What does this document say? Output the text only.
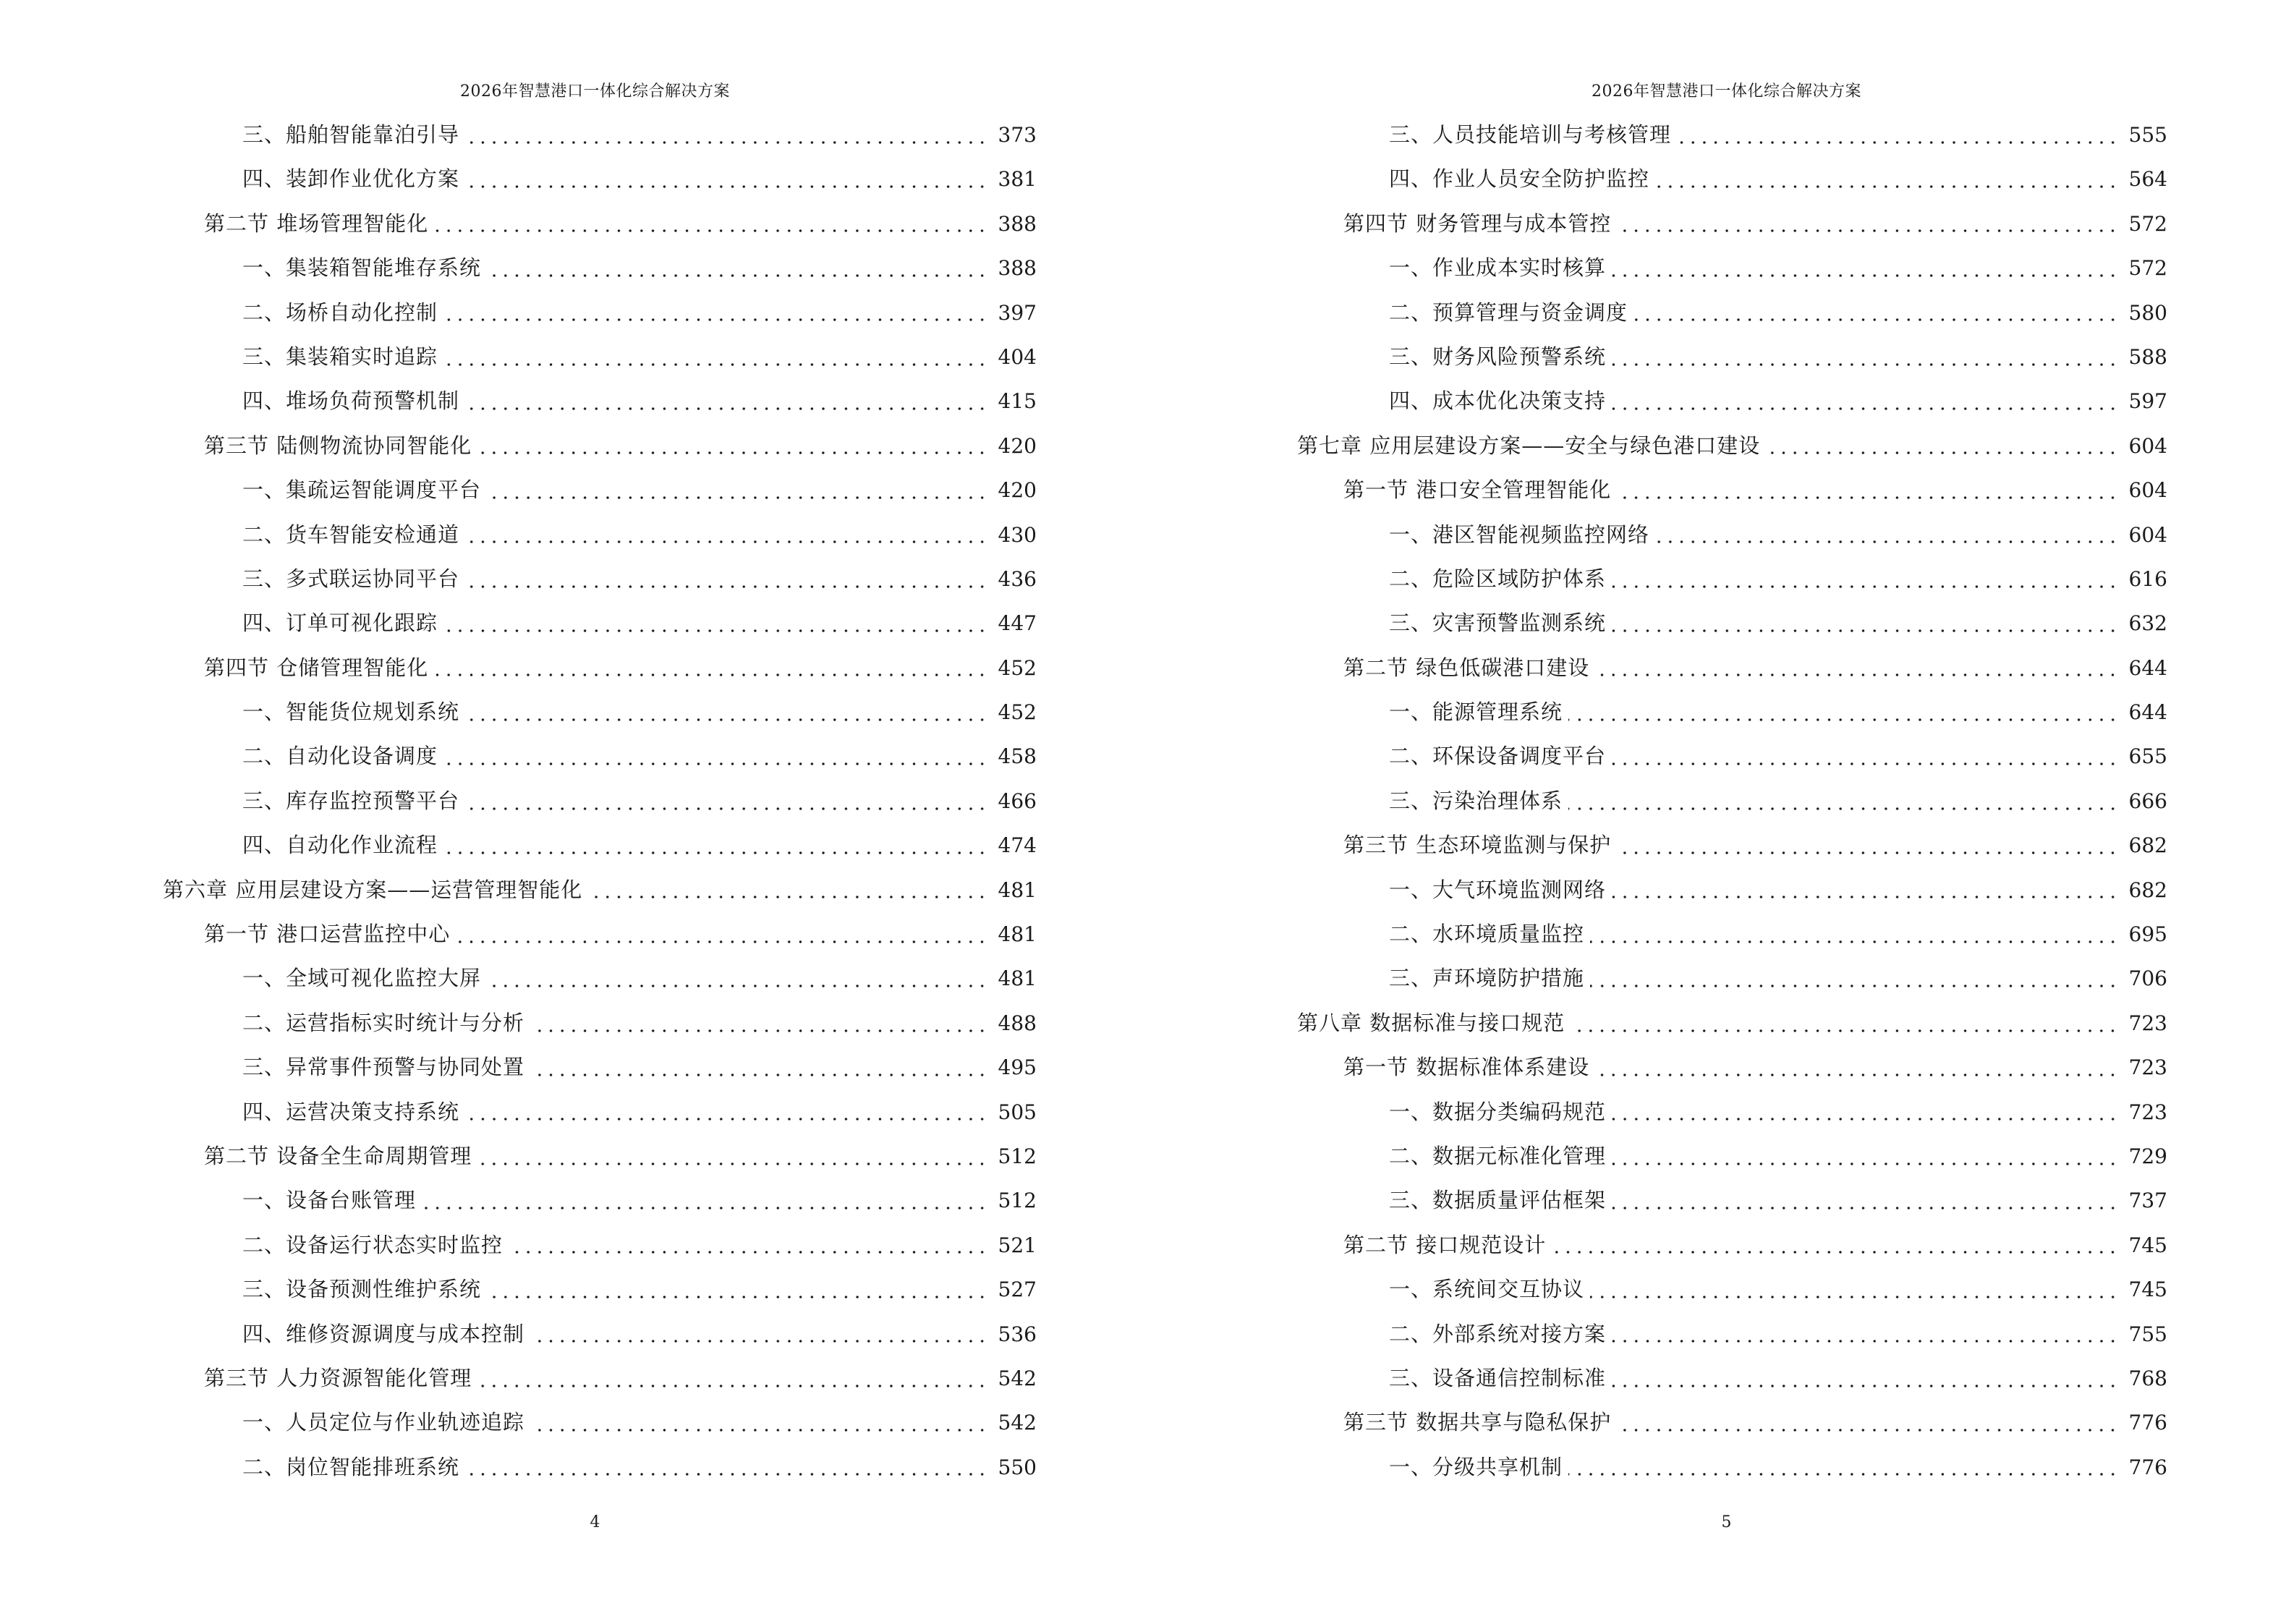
2026年智慧港口一体化综合解决方案
三、船舶智能靠泊引导	373
四、装卸作业优化方案	381
第二节 堆场管理智能化	388
一、集装箱智能堆存系统	388
二、场桥自动化控制	397
三、集装箱实时追踪	404
四、堆场负荷预警机制	415
第三节 陆侧物流协同智能化	420
一、集疏运智能调度平台	420
二、货车智能安检通道	430
三、多式联运协同平台	436
四、订单可视化跟踪	447
第四节 仓储管理智能化	452
一、智能货位规划系统	452
二、自动化设备调度	458
三、库存监控预警平台	466
四、自动化作业流程	474
第六章 应用层建设方案——运营管理智能化	481
第一节 港口运营监控中心	481
一、全域可视化监控大屏	481
二、运营指标实时统计与分析	488
三、异常事件预警与协同处置	495
四、运营决策支持系统	505
第二节 设备全生命周期管理	512
一、设备台账管理	512
二、设备运行状态实时监控	521
三、设备预测性维护系统	527
四、维修资源调度与成本控制	536
第三节 人力资源智能化管理	542
一、人员定位与作业轨迹追踪	542
二、岗位智能排班系统	550
4
2026年智慧港口一体化综合解决方案
三、人员技能培训与考核管理	555
四、作业人员安全防护监控	564
第四节 财务管理与成本管控	572
一、作业成本实时核算	572
二、预算管理与资金调度	580
三、财务风险预警系统	588
四、成本优化决策支持	597
第七章 应用层建设方案——安全与绿色港口建设	604
第一节 港口安全管理智能化	604
一、港区智能视频监控网络	604
二、危险区域防护体系	616
三、灾害预警监测系统	632
第二节 绿色低碳港口建设	644
一、能源管理系统	644
二、环保设备调度平台	655
三、污染治理体系	666
第三节 生态环境监测与保护	682
一、大气环境监测网络	682
二、水环境质量监控	695
三、声环境防护措施	706
第八章 数据标准与接口规范	723
第一节 数据标准体系建设	723
一、数据分类编码规范	723
二、数据元标准化管理	729
三、数据质量评估框架	737
第二节 接口规范设计	745
一、系统间交互协议	745
二、外部系统对接方案	755
三、设备通信控制标准	768
第三节 数据共享与隐私保护	776
一、分级共享机制	776
5
